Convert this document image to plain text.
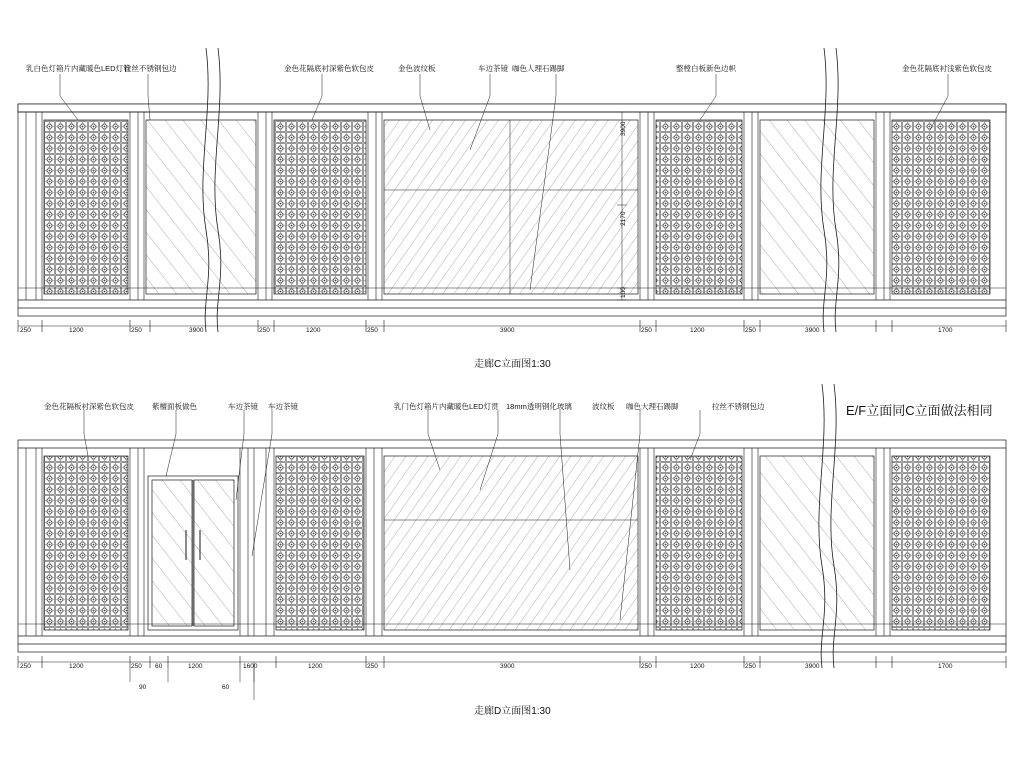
乳白色灯箱片内藏暖色LED灯管
拉丝不锈钢包边	金色花隔底衬深紫色软包皮	金色波纹板	车边茶镜 咖色人理石踢脚	整樘白板新色边帜	金色花隔底衬浅紫色软包皮
3900
2170
100
250	1200	250	3900	250	1200	250	3900	250	1200	250	3900	1700
走廊C立面图1:30
金色花隔板衬深紫色软包皮 紫檀面板做色	车边茶镜 车边茶镜	乳门色灯箱片内藏暖色LED灯贯 18mm透明钢化玻璃	波纹板 咖色大理石踢脚	拉丝不锈钢包边	E/F立面同C立面做法相同
250	1200	250 60	1200	1600	1200	250	3900	250	1200	250	3900	1700
90	60
走廊D立面图1:30
